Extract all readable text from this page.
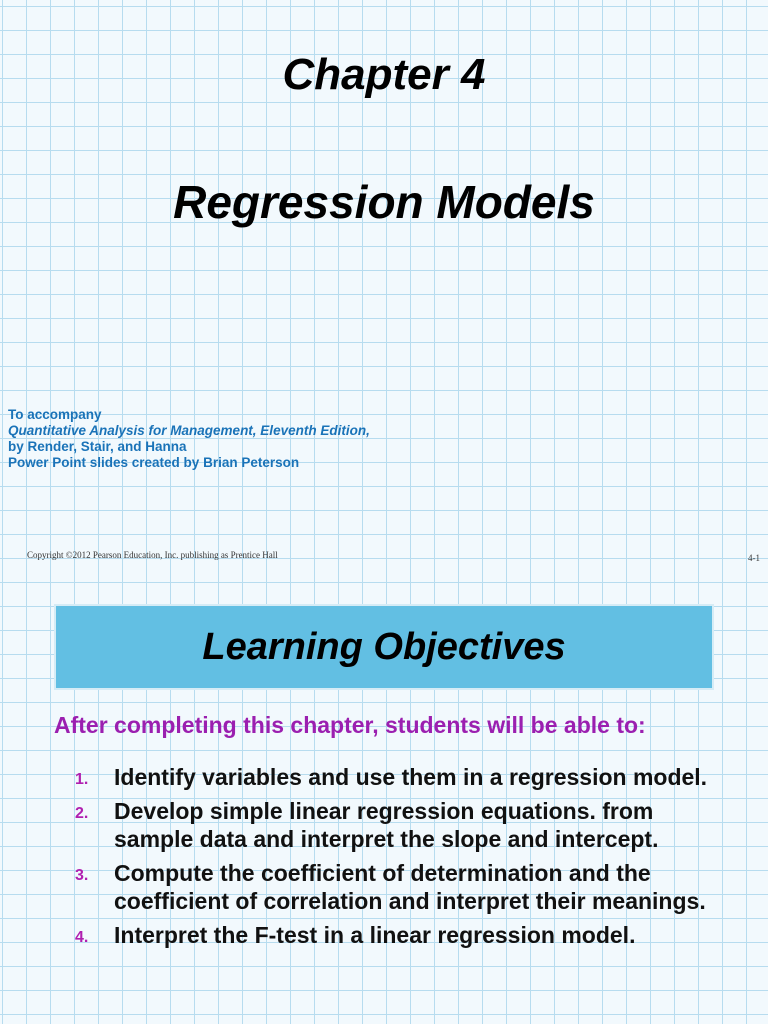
Chapter 4
Regression Models
To accompany
Quantitative Analysis for Management, Eleventh Edition,
by Render, Stair, and Hanna
Power Point slides created by Brian Peterson
Copyright ©2012 Pearson Education, Inc. publishing as Prentice Hall	4-1
Learning Objectives
After completing this chapter, students will be able to:
1. Identify variables and use them in a regression model.
2. Develop simple linear regression equations. from sample data and interpret the slope and intercept.
3. Compute the coefficient of determination and the coefficient of correlation and interpret their meanings.
4. Interpret the F-test in a linear regression model.
